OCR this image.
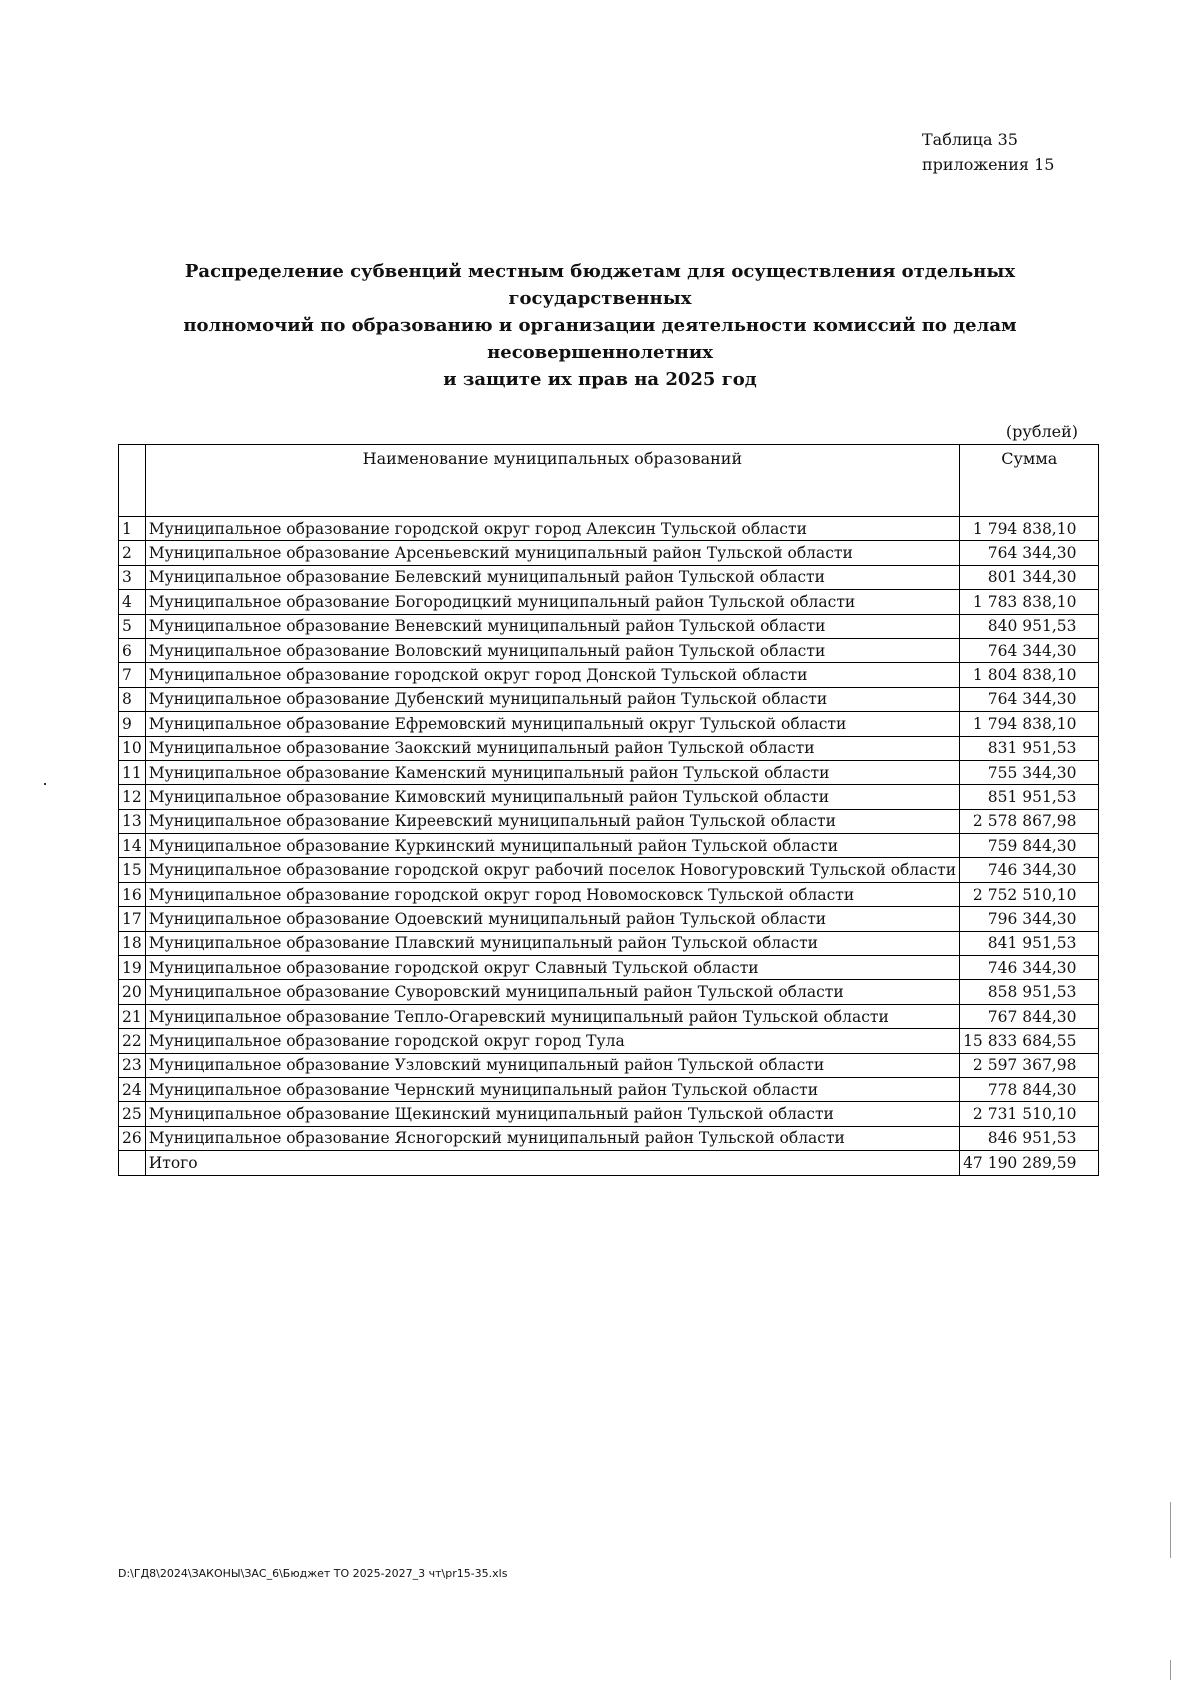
Таблица 35
приложения 15
Распределение субвенций местным бюджетам для осуществления отдельных государственных
полномочий по образованию и организации деятельности комиссий по делам несовершеннолетних
и защите их прав на 2025 год
(рублей)
	Наименование муниципальных образований	Сумма
1	Муниципальное образование городской округ город Алексин Тульской области	1 794 838,10
2	Муниципальное образование Арсеньевский муниципальный район Тульской области	764 344,30
3	Муниципальное образование Белевский муниципальный район Тульской области	801 344,30
4	Муниципальное образование Богородицкий муниципальный район Тульской области	1 783 838,10
5	Муниципальное образование Веневский муниципальный район Тульской области	840 951,53
6	Муниципальное образование Воловский муниципальный район Тульской области	764 344,30
7	Муниципальное образование городской округ город Донской Тульской области	1 804 838,10
8	Муниципальное образование Дубенский муниципальный район Тульской области	764 344,30
9	Муниципальное образование Ефремовский муниципальный округ Тульской области	1 794 838,10
10	Муниципальное образование Заокский муниципальный район Тульской области	831 951,53
11	Муниципальное образование Каменский муниципальный район Тульской области	755 344,30
12	Муниципальное образование Кимовский муниципальный район Тульской области	851 951,53
13	Муниципальное образование Киреевский муниципальный район Тульской области	2 578 867,98
14	Муниципальное образование Куркинский муниципальный район Тульской области	759 844,30
15	Муниципальное образование городской округ рабочий поселок Новогуровский Тульской области	746 344,30
16	Муниципальное образование городской округ город Новомосковск Тульской области	2 752 510,10
17	Муниципальное образование Одоевский муниципальный район Тульской области	796 344,30
18	Муниципальное образование Плавский муниципальный район Тульской области	841 951,53
19	Муниципальное образование городской округ Славный Тульской области	746 344,30
20	Муниципальное образование Суворовский муниципальный район Тульской области	858 951,53
21	Муниципальное образование Тепло-Огаревский муниципальный район Тульской области	767 844,30
22	Муниципальное образование городской округ город Тула	15 833 684,55
23	Муниципальное образование Узловский муниципальный район Тульской области	2 597 367,98
24	Муниципальное образование Чернский муниципальный район Тульской области	778 844,30
25	Муниципальное образование Щекинский муниципальный район Тульской области	2 731 510,10
26	Муниципальное образование Ясногорский муниципальный район Тульской области	846 951,53
	Итого	47 190 289,59
D:\ГД8\2024\ЗАКОНЫ\ЗАС_6\Бюджет ТО 2025-2027_3 чт\pr15-35.xls
